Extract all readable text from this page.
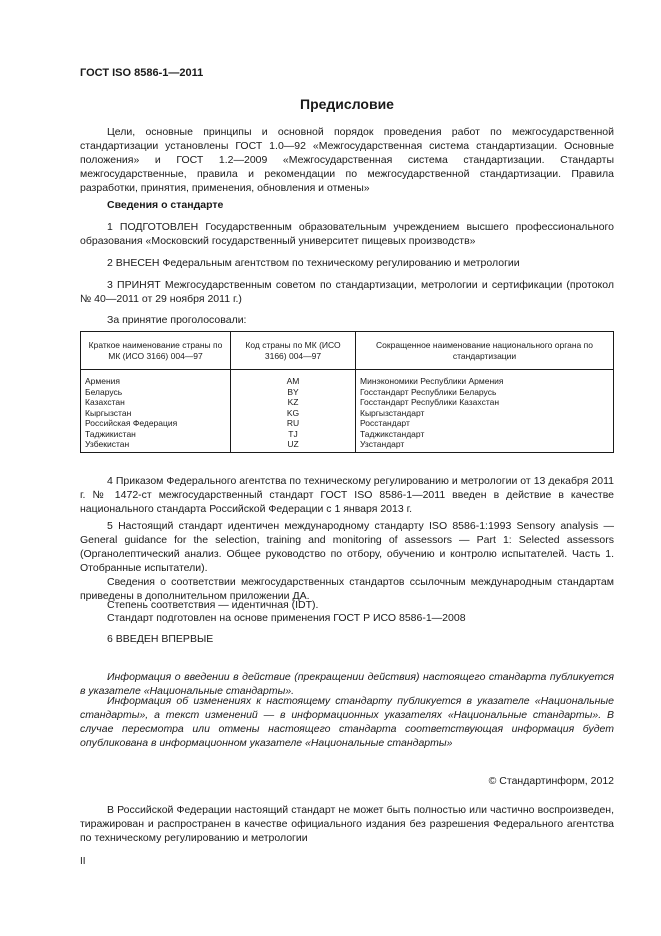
ГОСТ ISO 8586-1—2011
Предисловие

Цели, основные принципы и основной порядок проведения работ по межгосударственной стандартизации установлены ГОСТ 1.0—92 «Межгосударственная система стандартизации. Основные положения» и ГОСТ 1.2—2009 «Межгосударственная система стандартизации. Стандарты межгосударственные, правила и рекомендации по межгосударственной стандартизации. Правила разработки, принятия, применения, обновления и отмены»

Сведения о стандарте

1 ПОДГОТОВЛЕН Государственным образовательным учреждением высшего профессионального образования «Московский государственный университет пищевых производств»

2 ВНЕСЕН Федеральным агентством по техническому регулированию и метрологии

3 ПРИНЯТ Межгосударственным советом по стандартизации, метрологии и сертификации (протокол № 40—2011 от 29 ноября 2011 г.)

За принятие проголосовали:

Краткое наименование страны по МК (ИСО 3166) 004—97	Код страны по МК (ИСО 3166) 004—97	Сокращенное наименование национального органа по стандартизации
Армения	AM	Минэкономики Республики Армения
Беларусь	BY	Госстандарт Республики Беларусь
Казахстан	KZ	Госстандарт Республики Казахстан
Кыргызстан	KG	Кыргызстандарт
Российская Федерация	RU	Росстандарт
Таджикистан	TJ	Таджикстандарт
Узбекистан	UZ	Узстандарт

4 Приказом Федерального агентства по техническому регулированию и метрологии от 13 декабря 2011 г. № 1472-ст межгосударственный стандарт ГОСТ ISO 8586-1—2011 введен в действие в качестве национального стандарта Российской Федерации с 1 января 2013 г.

5 Настоящий стандарт идентичен международному стандарту ISO 8586-1:1993 Sensory analysis — General guidance for the selection, training and monitoring of assessors — Part 1: Selected assessors (Органолептический анализ. Общее руководство по отбору, обучению и контролю испытателей. Часть 1. Отобранные испытатели).

Сведения о соответствии межгосударственных стандартов ссылочным международным стандартам приведены в дополнительном приложении ДА.

Степень соответствия — идентичная (IDT).

Стандарт подготовлен на основе применения ГОСТ Р ИСО 8586-1—2008

6 ВВЕДЕН ВПЕРВЫЕ

Информация о введении в действие (прекращении действия) настоящего стандарта публикуется в указателе «Национальные стандарты».

Информация об изменениях к настоящему стандарту публикуется в указателе «Национальные стандарты», а текст изменений — в информационных указателях «Национальные стандарты». В случае пересмотра или отмены настоящего стандарта соответствующая информация будет опубликована в информационном указателе «Национальные стандарты»

© Стандартинформ, 2012

В Российской Федерации настоящий стандарт не может быть полностью или частично воспроизведен, тиражирован и распространен в качестве официального издания без разрешения Федерального агентства по техническому регулированию и метрологии

II
